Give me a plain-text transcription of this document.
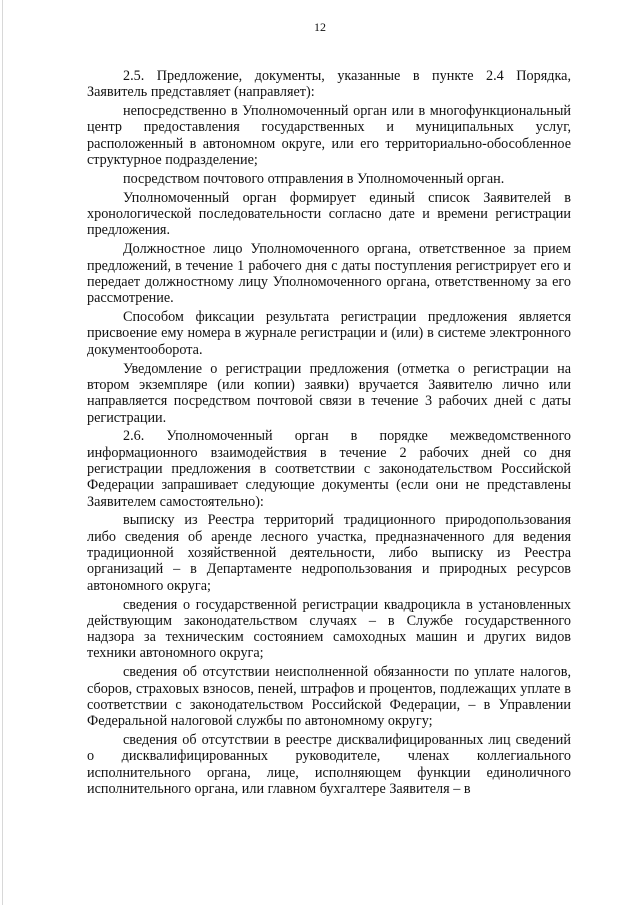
12

2.5. Предложение, документы, указанные в пункте 2.4 Порядка, Заявитель представляет (направляет):

непосредственно в Уполномоченный орган или в многофункциональный центр предоставления государственных и муниципальных услуг, расположенный в автономном округе, или его территориально-обособленное структурное подразделение;

посредством почтового отправления в Уполномоченный орган.

Уполномоченный орган формирует единый список Заявителей в хронологической последовательности согласно дате и времени регистрации предложения.

Должностное лицо Уполномоченного органа, ответственное за прием предложений, в течение 1 рабочего дня с даты поступления регистрирует его и передает должностному лицу Уполномоченного органа, ответственному за его рассмотрение.

Способом фиксации результата регистрации предложения является присвоение ему номера в журнале регистрации и (или) в системе электронного документооборота.

Уведомление о регистрации предложения (отметка о регистрации на втором экземпляре (или копии) заявки) вручается Заявителю лично или направляется посредством почтовой связи в течение 3 рабочих дней с даты регистрации.

2.6. Уполномоченный орган в порядке межведомственного информационного взаимодействия в течение 2 рабочих дней со дня регистрации предложения в соответствии с законодательством Российской Федерации запрашивает следующие документы (если они не представлены Заявителем самостоятельно):

выписку из Реестра территорий традиционного природопользования либо сведения об аренде лесного участка, предназначенного для ведения традиционной хозяйственной деятельности, либо выписку из Реестра организаций – в Департаменте недропользования и природных ресурсов автономного округа;

сведения о государственной регистрации квадроцикла в установленных действующим законодательством случаях – в Службе государственного надзора за техническим состоянием самоходных машин и других видов техники автономного округа;

сведения об отсутствии неисполненной обязанности по уплате налогов, сборов, страховых взносов, пеней, штрафов и процентов, подлежащих уплате в соответствии с законодательством Российской Федерации, – в Управлении Федеральной налоговой службы по автономному округу;

сведения об отсутствии в реестре дисквалифицированных лиц сведений о дисквалифицированных руководителе, членах коллегиального исполнительного органа, лице, исполняющем функции единоличного исполнительного органа, или главном бухгалтере Заявителя – в
